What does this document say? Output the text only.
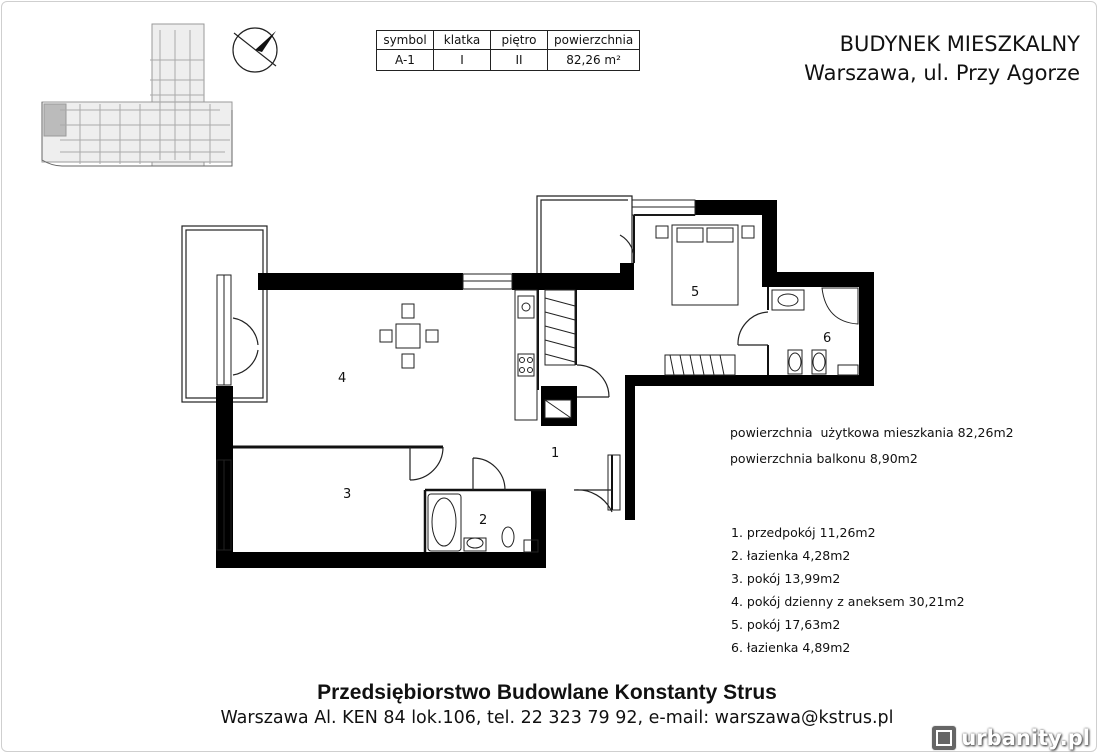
symbol	klatka	piętro	powierzchnia
A-1	I	II	82,26 m²
BUDYNEK MIESZKALNY
Warszawa, ul. Przy Agorze
1
2
3
4
5
6
powierzchnia  użytkowa mieszkania 82,26m2
powierzchnia balkonu 8,90m2
1. przedpokój 11,26m2
2. łazienka 4,28m2
3. pokój 13,99m2
4. pokój dzienny z aneksem 30,21m2
5. pokój 17,63m2
6. łazienka 4,89m2
Przedsiębiorstwo Budowlane Konstanty Strus
Warszawa Al. KEN 84 lok.106, tel. 22 323 79 92, e-mail: warszawa@kstrus.pl
urbanity.pl
